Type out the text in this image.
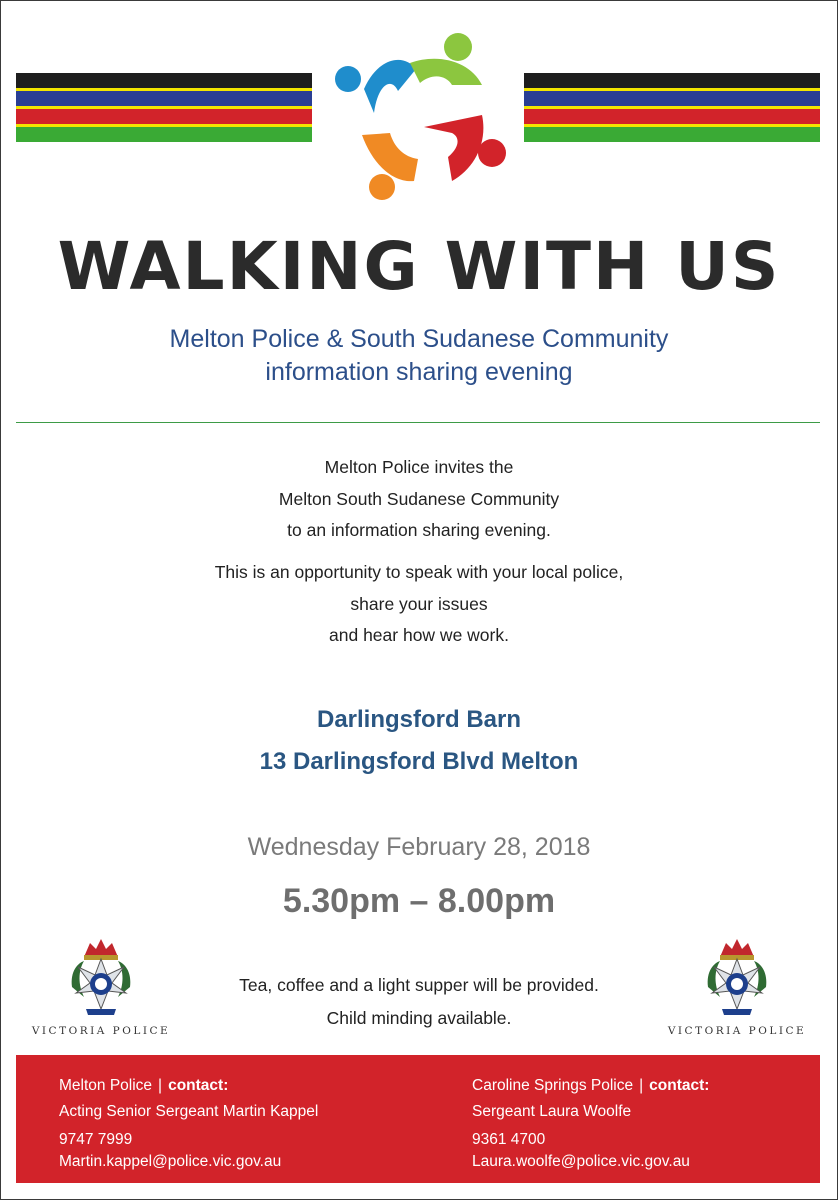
WALKING WITH US
Melton Police & South Sudanese Community
information sharing evening
Melton Police invites the
Melton South Sudanese Community
to an information sharing evening.
This is an opportunity to speak with your local police,
share your issues
and hear how we work.
Darlingsford Barn
13 Darlingsford Blvd Melton
Wednesday February 28, 2018
5.30pm – 8.00pm
Tea, coffee and a light supper will be provided.
Child minding available.
VICTORIA POLICE	VICTORIA POLICE
Melton Police | contact:
Acting Senior Sergeant Martin Kappel
9747 7999
Martin.kappel@police.vic.gov.au
Caroline Springs Police | contact:
Sergeant Laura Woolfe
9361 4700
Laura.woolfe@police.vic.gov.au
